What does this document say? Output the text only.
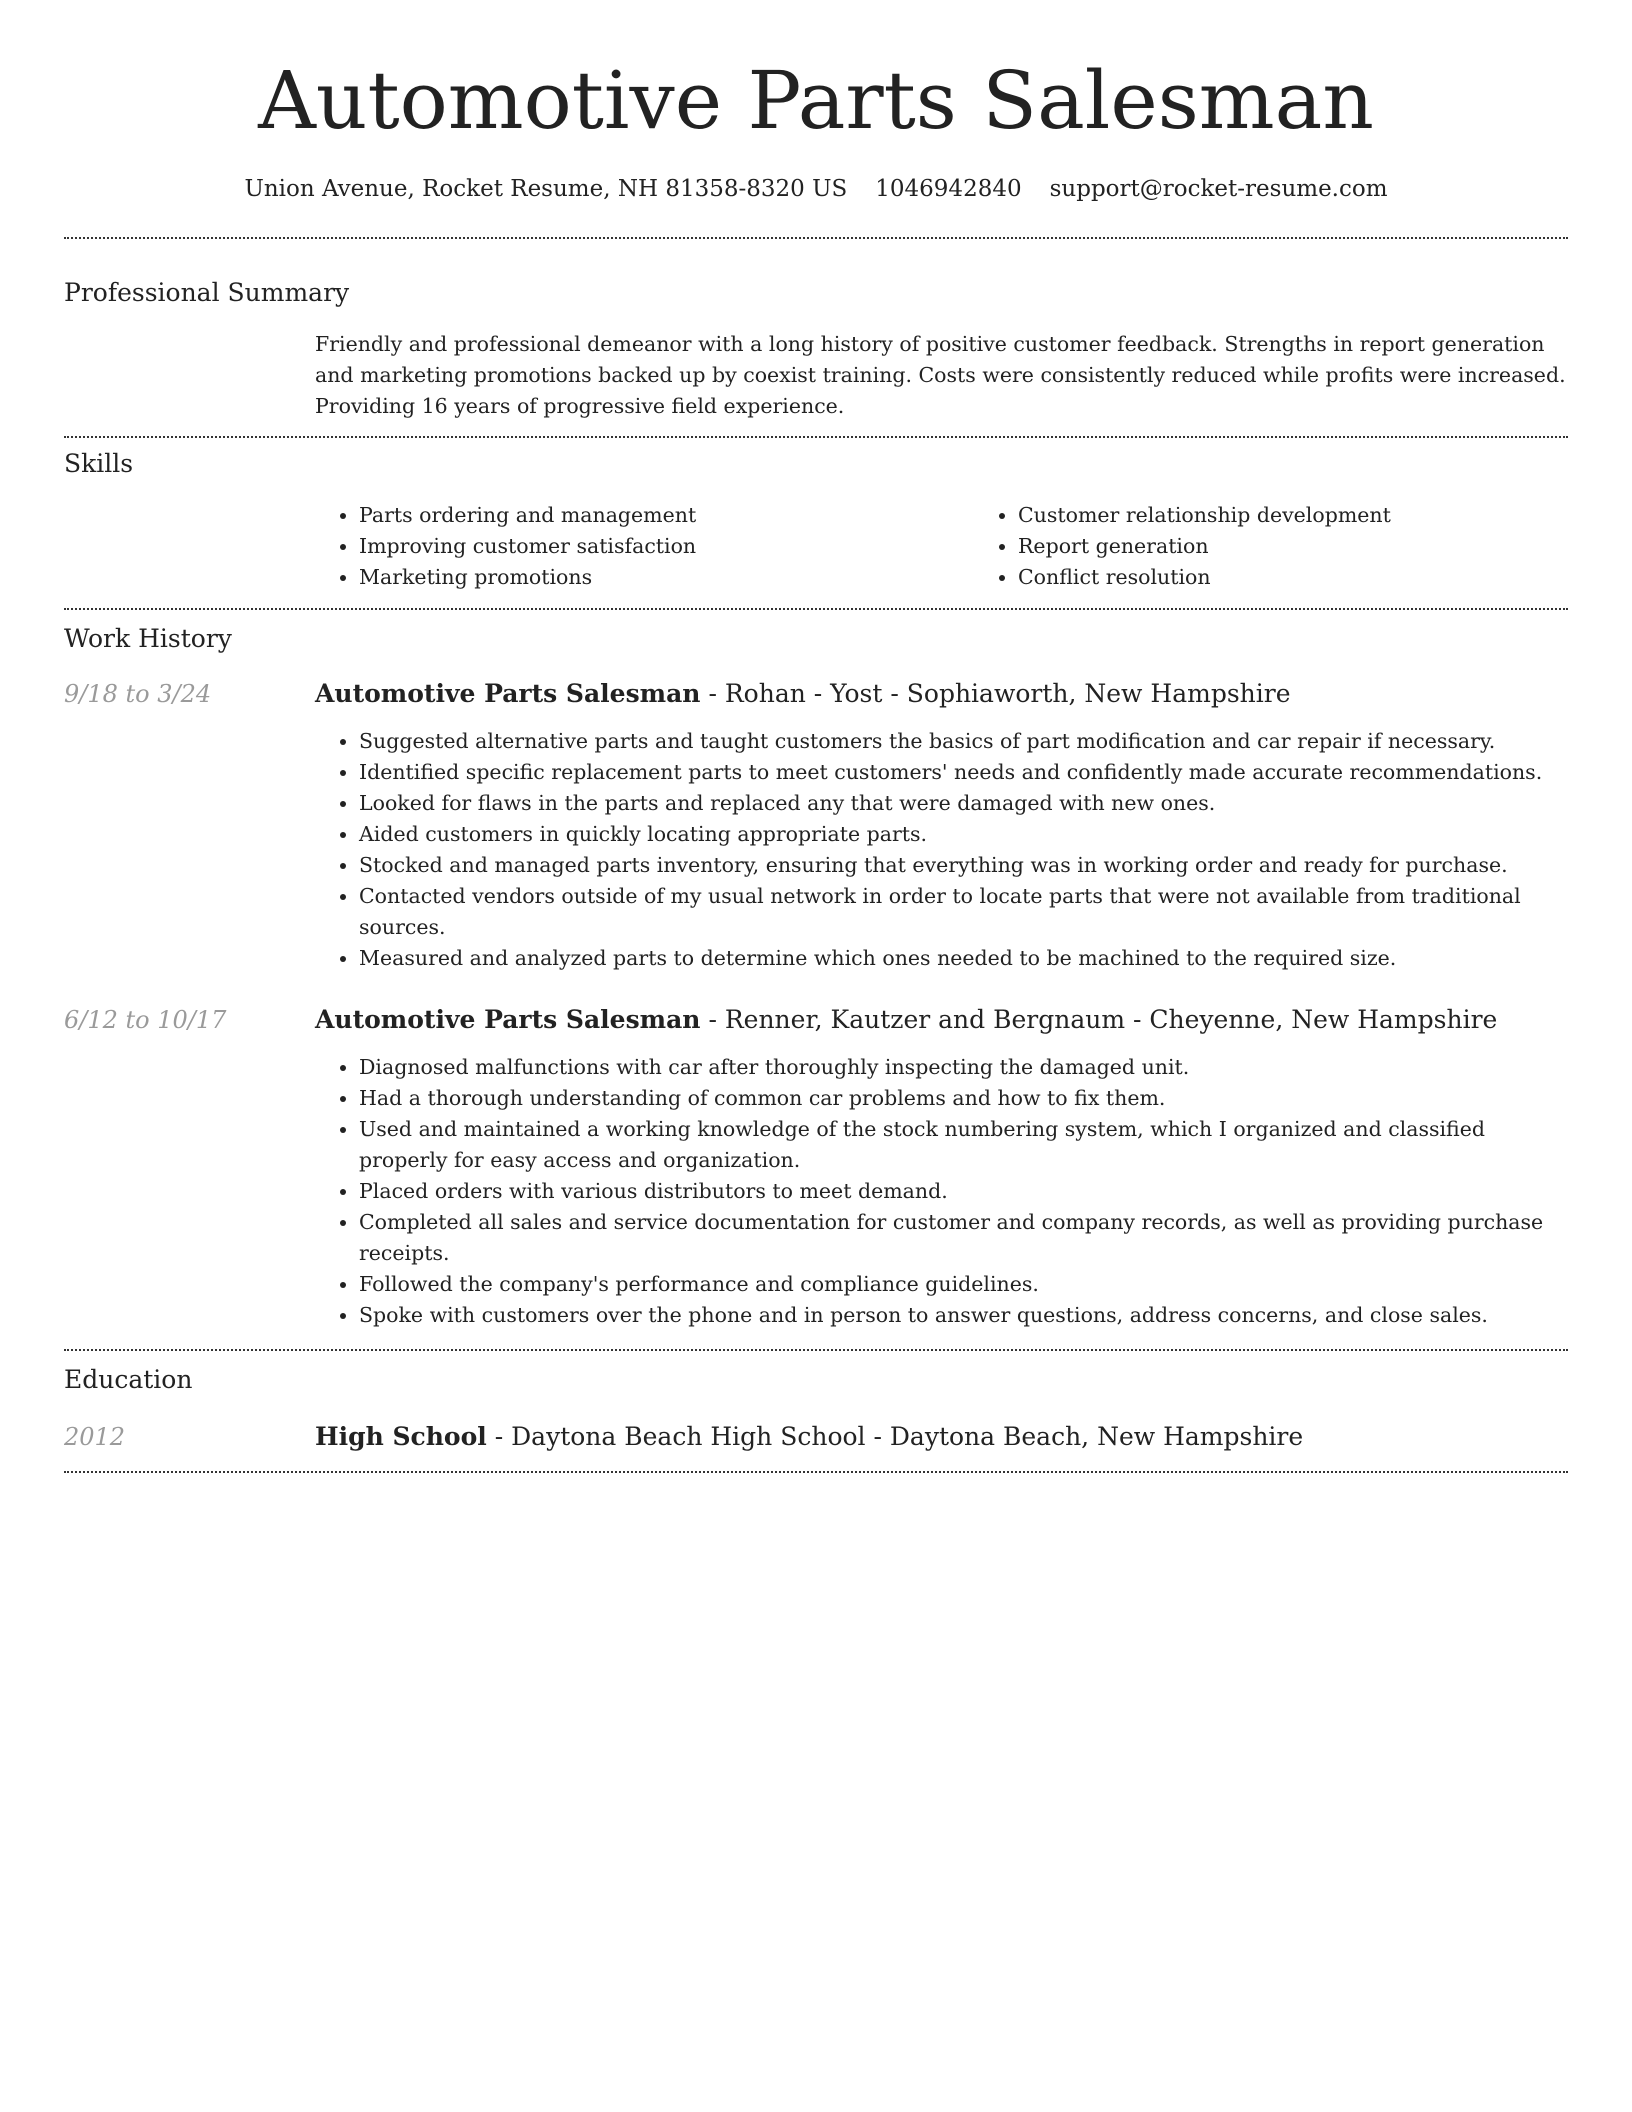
Automotive Parts Salesman
Union Avenue, Rocket Resume, NH 81358-8320 US 1046942840 support@rocket-resume.com
Professional Summary

Friendly and professional demeanor with a long history of positive customer feedback. Strengths in report generation and marketing promotions backed up by coexist training. Costs were consistently reduced while profits were increased. Providing 16 years of progressive field experience.

Skills
• Parts ordering and management
• Improving customer satisfaction
• Marketing promotions
• Customer relationship development
• Report generation
• Conflict resolution
Work History
9/18 to 3/24	Automotive Parts Salesman - Rohan - Yost - Sophiaworth, New Hampshire
• Suggested alternative parts and taught customers the basics of part modification and car repair if necessary.
• Identified specific replacement parts to meet customers' needs and confidently made accurate recommendations.
• Looked for flaws in the parts and replaced any that were damaged with new ones.
• Aided customers in quickly locating appropriate parts.
• Stocked and managed parts inventory, ensuring that everything was in working order and ready for purchase.
• Contacted vendors outside of my usual network in order to locate parts that were not available from traditional sources.
• Measured and analyzed parts to determine which ones needed to be machined to the required size.
6/12 to 10/17	Automotive Parts Salesman - Renner, Kautzer and Bergnaum - Cheyenne, New Hampshire
• Diagnosed malfunctions with car after thoroughly inspecting the damaged unit.
• Had a thorough understanding of common car problems and how to fix them.
• Used and maintained a working knowledge of the stock numbering system, which I organized and classified properly for easy access and organization.
• Placed orders with various distributors to meet demand.
• Completed all sales and service documentation for customer and company records, as well as providing purchase receipts.
• Followed the company's performance and compliance guidelines.
• Spoke with customers over the phone and in person to answer questions, address concerns, and close sales.
Education
2012	High School - Daytona Beach High School - Daytona Beach, New Hampshire
